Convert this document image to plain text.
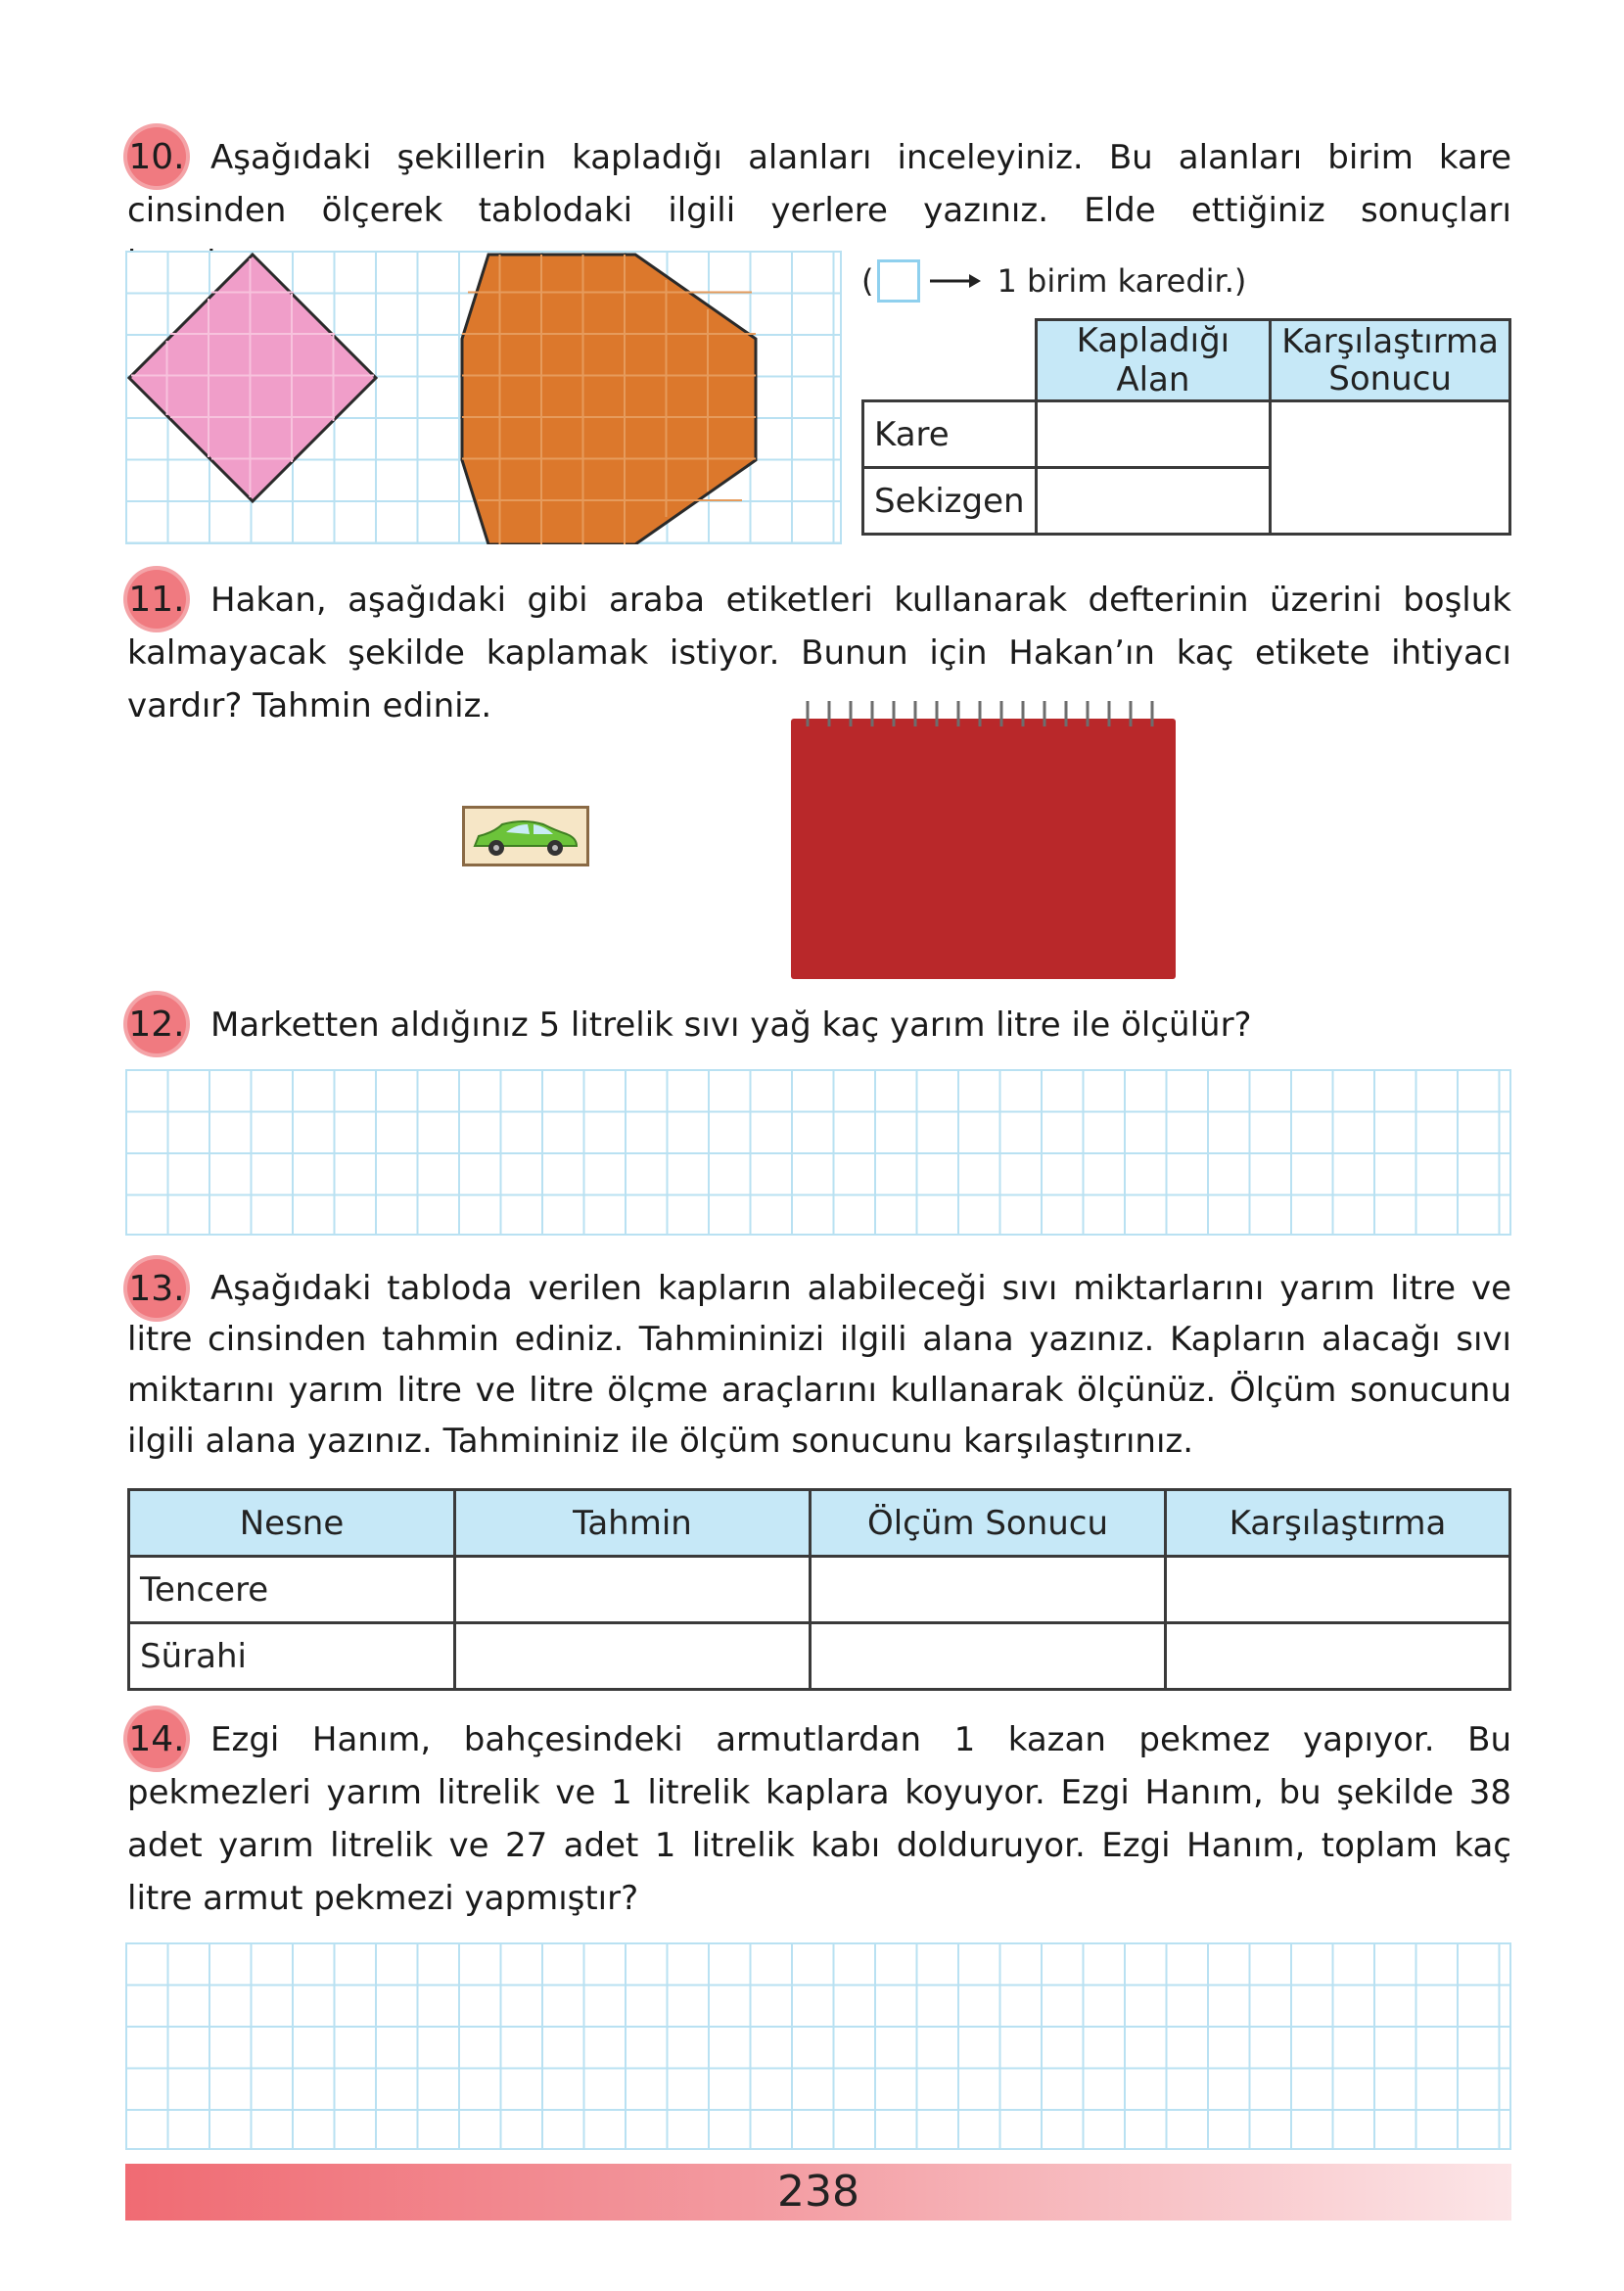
10. Aşağıdaki şekillerin kapladığı alanları inceleyiniz. Bu alanları birim kare cinsinden ölçerek tablodaki ilgili yerlere yazınız. Elde ettiğiniz sonuçları
(	1 birim karedir.)
	Kapladığı Alan	Karşılaştırma Sonucu
Kare		
Sekizgen		
11. Hakan, aşağıdaki gibi araba etiketleri kullanarak defterinin üzerini boşluk kalmayacak şekilde kaplamak istiyor. Bunun için Hakan’ın kaç etikete ihtiyacı vardır? Tahmin ediniz.
12. Marketten aldığınız 5 litrelik sıvı yağ kaç yarım litre ile ölçülür?
13. Aşağıdaki tabloda verilen kapların alabileceği sıvı miktarlarını yarım litre ve litre cinsinden tahmin ediniz. Tahmininizi ilgili alana yazınız. Kapların alacağı sıvı miktarını yarım litre ve litre ölçme araçlarını kullanarak ölçünüz. Ölçüm sonucunu ilgili alana yazınız. Tahmininiz ile ölçüm sonucunu karşılaştırınız.
Nesne	Tahmin	Ölçüm Sonucu	Karşılaştırma
Tencere			
Sürahi			
14. Ezgi Hanım, bahçesindeki armutlardan 1 kazan pekmez yapıyor. Bu pekmezleri yarım litrelik ve 1 litrelik kaplara koyuyor. Ezgi Hanım, bu şekilde 38 adet yarım litrelik ve 27 adet 1 litrelik kabı dolduruyor. Ezgi Hanım, toplam kaç litre armut pekmezi yapmıştır?
238
